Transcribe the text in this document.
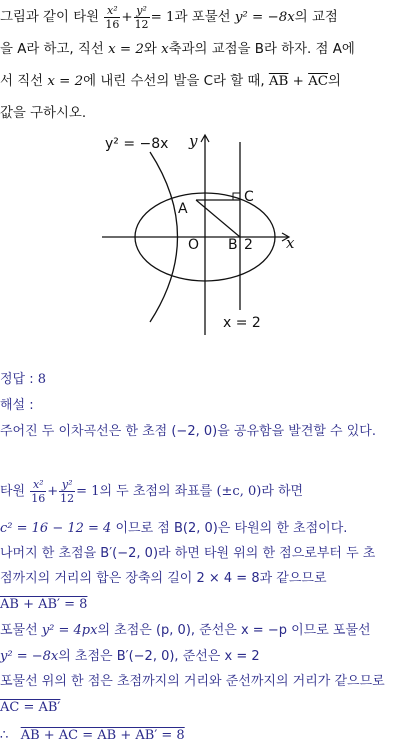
그림과 같이 타원 $\frac{\text{x²}}{16} + \frac{\text{y²}}{12} = 1$과 포물선 y² = −8x의 교점

을 A라 하고, 직선 x = 2와 x축과의 교점을 B라 하자. 점 A에

서 직선 x = 2에 내린 수선의 발을 C라 할 때, $\overline{AB} + \overline{AC}$의

값을 구하시오.

y² = −8x y
x
C
A
O B 2
x = 2
정답 : 8
해설 :
주어진 두 이차곡선은 한 초점 (−2, 0)을 공유함을 발견할 수 있다.
타원 $\frac{\text{x²}}{16} + \frac{\text{y²}}{12} = 1$의 두 초점의 좌표를 (±c, 0)라 하면
c² = 16 − 12 = 4 이므로 점 B(2, 0)은 타원의 한 초점이다.
나머지 한 초점을 B′(−2, 0)라 하면 타원 위의 한 점으로부터 두 초
점까지의 거리의 합은 장축의 길이 2 × 4 = 8과 같으므로
AB + AB′ = 8
포물선 y² = 4px의 초점은 (p, 0), 준선은 x = −p 이므로 포물선
y² = −8x의 초점은 B′(−2, 0), 준선은 x = 2
포물선 위의 한 점은 초점까지의 거리와 준선까지의 거리가 같으므로
AC = AB′
∴ AB + AC = AB + AB′ = 8
